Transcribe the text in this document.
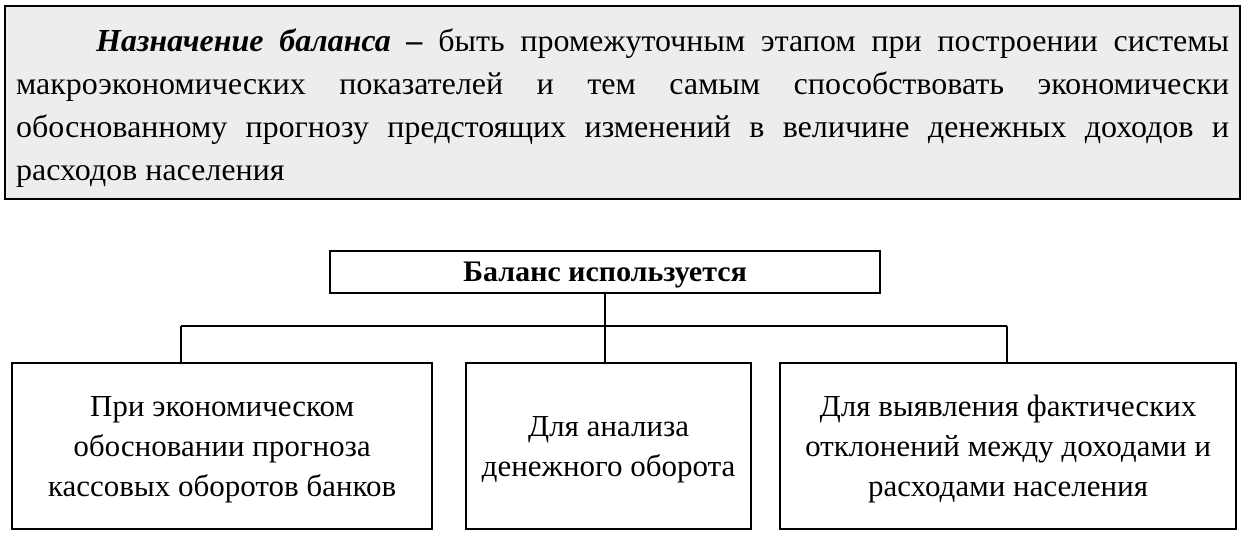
Назначение баланса – быть промежуточным этапом при построении системы макроэкономических показателей и тем самым способствовать экономически обоснованному прогнозу предстоящих изменений в величине денежных доходов и расходов населения
Баланс используется
При экономическом обосновании прогноза кассовых оборотов банков
Для анализа денежного оборота
Для выявления фактических отклонений между доходами и расходами населения
